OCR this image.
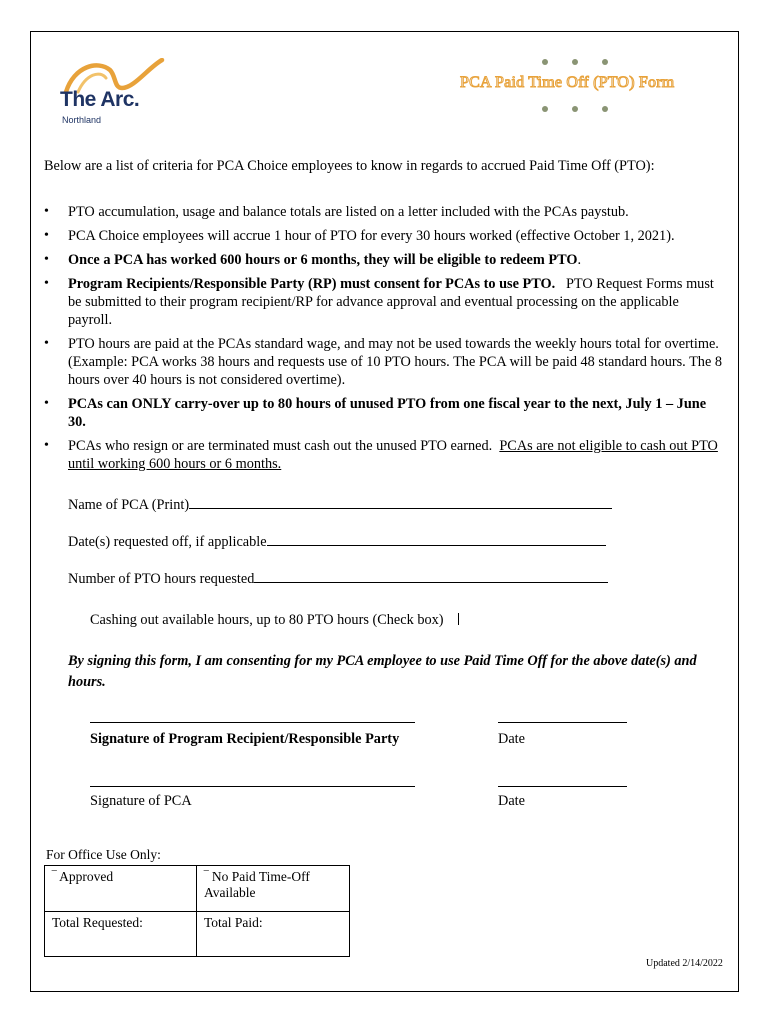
The Arc.
Northland
PCA Paid Time Off (PTO) Form
Below are a list of criteria for PCA Choice employees to know in regards to accrued Paid Time Off (PTO):
• PTO accumulation, usage and balance totals are listed on a letter included with the PCAs paystub.
• PCA Choice employees will accrue 1 hour of PTO for every 30 hours worked (effective October 1, 2021).
• Once a PCA has worked 600 hours or 6 months, they will be eligible to redeem PTO.
• Program Recipients/Responsible Party (RP) must consent for PCAs to use PTO. PTO Request Forms must be submitted to their program recipient/RP for advance approval and eventual processing on the applicable payroll.
• PTO hours are paid at the PCAs standard wage, and may not be used towards the weekly hours total for overtime. (Example: PCA works 38 hours and requests use of 10 PTO hours. The PCA will be paid 48 standard hours. The 8 hours over 40 hours is not considered overtime).
• PCAs can ONLY carry-over up to 80 hours of unused PTO from one fiscal year to the next, July 1 – June 30.
• PCAs who resign or are terminated must cash out the unused PTO earned. PCAs are not eligible to cash out PTO until working 600 hours or 6 months.
Name of PCA (Print)
Date(s) requested off, if applicable
Number of PTO hours requested
Cashing out available hours, up to 80 PTO hours (Check box)
By signing this form, I am consenting for my PCA employee to use Paid Time Off for the above date(s) and hours.
Signature of Program Recipient/Responsible Party	Date
Signature of PCA	Date
For Office Use Only:
‾ Approved	‾ No Paid Time-Off Available
Total Requested:	Total Paid:
Updated 2/14/2022
